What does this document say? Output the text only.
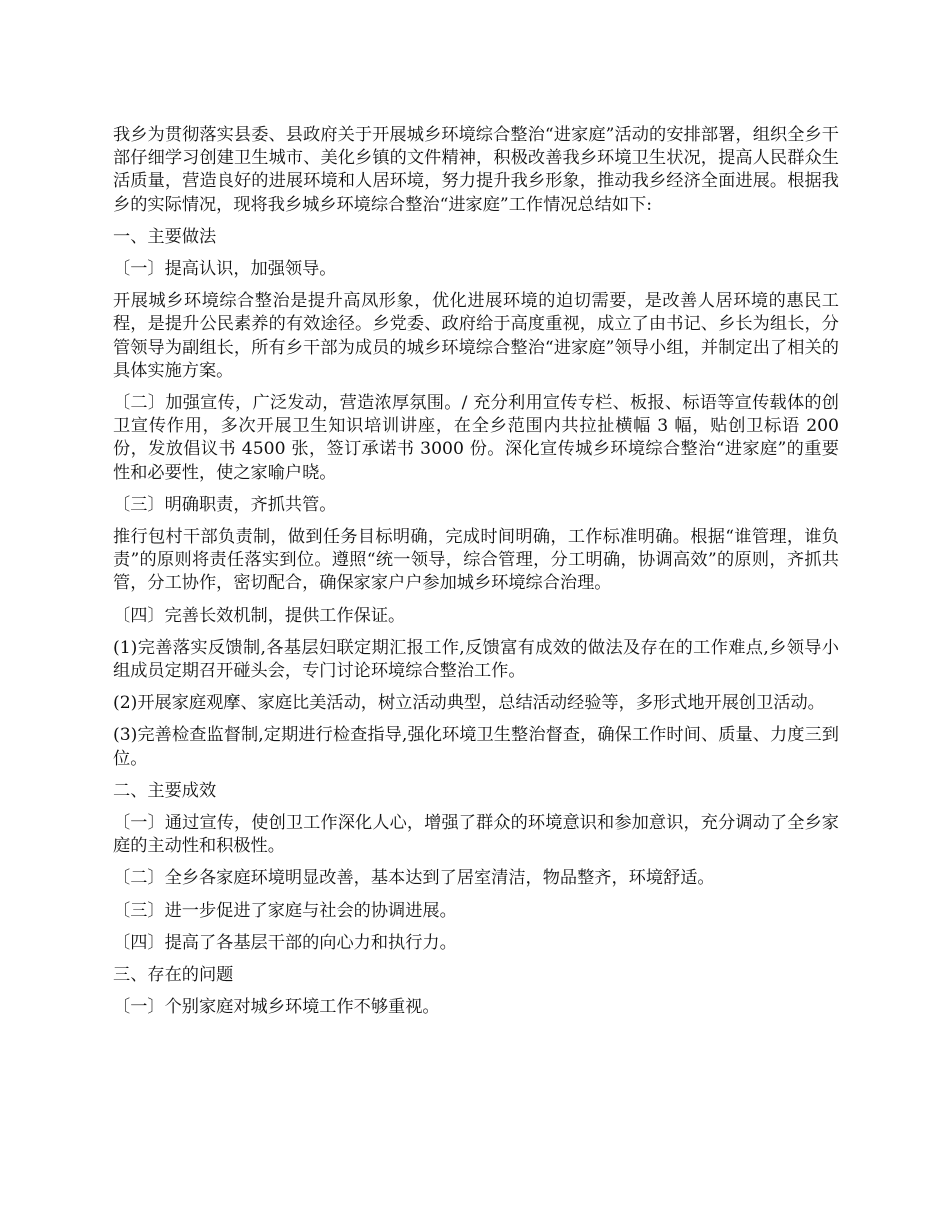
我乡为贯彻落实县委、县政府关于开展城乡环境综合整治“进家庭”活动的安排部署，组织全乡干部仔细学习创建卫生城市、美化乡镇的文件精神，积极改善我乡环境卫生状况，提高人民群众生活质量，营造良好的进展环境和人居环境，努力提升我乡形象，推动我乡经济全面进展。根据我乡的实际情况，现将我乡城乡环境综合整治“进家庭”工作情况总结如下:

一、主要做法

〔一〕提高认识，加强领导。

开展城乡环境综合整治是提升高凤形象，优化进展环境的迫切需要，是改善人居环境的惠民工程，是提升公民素养的有效途径。乡党委、政府给于高度重视，成立了由书记、乡长为组长，分管领导为副组长，所有乡干部为成员的城乡环境综合整治“进家庭”领导小组，并制定出了相关的具体实施方案。

〔二〕加强宣传，广泛发动，营造浓厚氛围。/ 充分利用宣传专栏、板报、标语等宣传载体的创卫宣传作用，多次开展卫生知识培训讲座，在全乡范围内共拉扯横幅 3 幅，贴创卫标语 200 份，发放倡议书 4500 张，签订承诺书 3000 份。深化宣传城乡环境综合整治“进家庭”的重要性和必要性，使之家喻户晓。

〔三〕明确职责，齐抓共管。

推行包村干部负责制，做到任务目标明确，完成时间明确，工作标准明确。根据“谁管理，谁负责”的原则将责任落实到位。遵照“统一领导，综合管理，分工明确，协调高效”的原则，齐抓共管，分工协作，密切配合，确保家家户户参加城乡环境综合治理。

〔四〕完善长效机制，提供工作保证。

(1)完善落实反馈制,各基层妇联定期汇报工作,反馈富有成效的做法及存在的工作难点,乡领导小组成员定期召开碰头会，专门讨论环境综合整治工作。

(2)开展家庭观摩、家庭比美活动，树立活动典型，总结活动经验等，多形式地开展创卫活动。

(3)完善检查监督制,定期进行检查指导,强化环境卫生整治督查，确保工作时间、质量、力度三到位。

二、主要成效

〔一〕通过宣传，使创卫工作深化人心，增强了群众的环境意识和参加意识，充分调动了全乡家庭的主动性和积极性。

〔二〕全乡各家庭环境明显改善，基本达到了居室清洁，物品整齐，环境舒适。

〔三〕进一步促进了家庭与社会的协调进展。

〔四〕提高了各基层干部的向心力和执行力。

三、存在的问题

〔一〕个别家庭对城乡环境工作不够重视。
